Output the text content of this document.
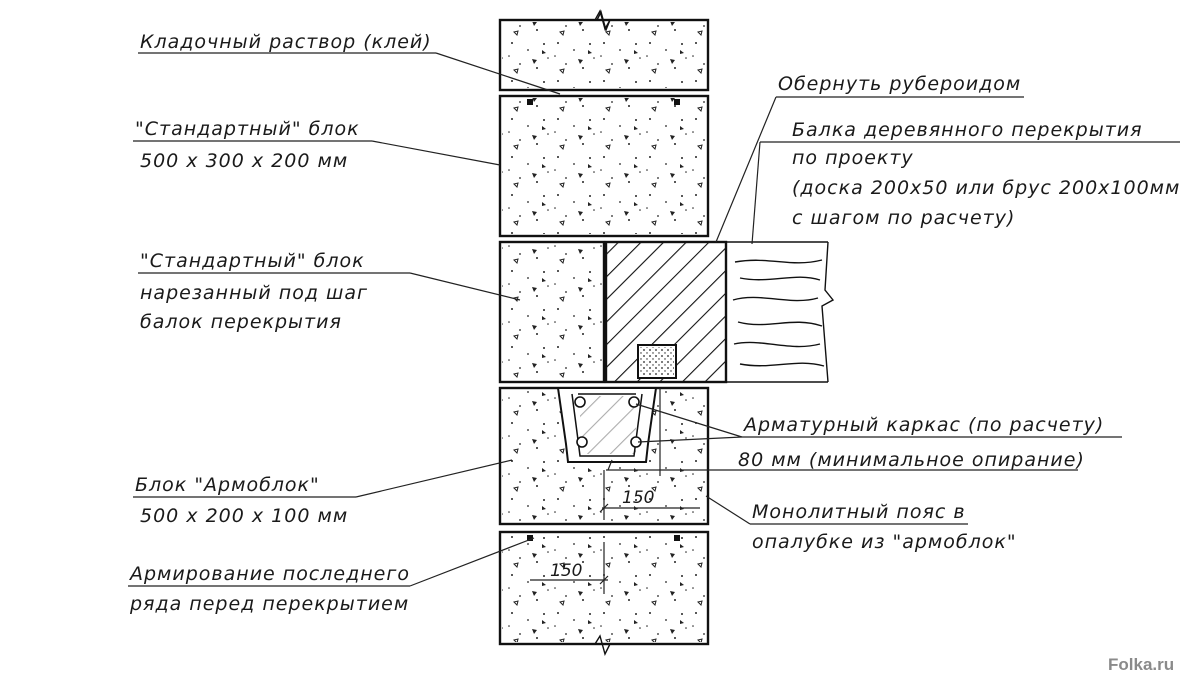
150
150
Кладочный раствор (клей)
"Стандартный" блок
500 х 300 х 200 мм
"Стандартный" блок
нарезанный под шаг
балок перекрытия
Блок "Армоблок"
500 х 200 х 100 мм
Армирование последнего
ряда перед перекрытием
Обернуть рубероидом
Балка деревянного перекрытия
по проекту
(доска 200х50 или брус 200х100мм
с шагом по расчету)
Арматурный каркас (по расчету)
80 мм (минимальное опирание)
Монолитный пояс в
опалубке из "армоблок"
Folka.ru
